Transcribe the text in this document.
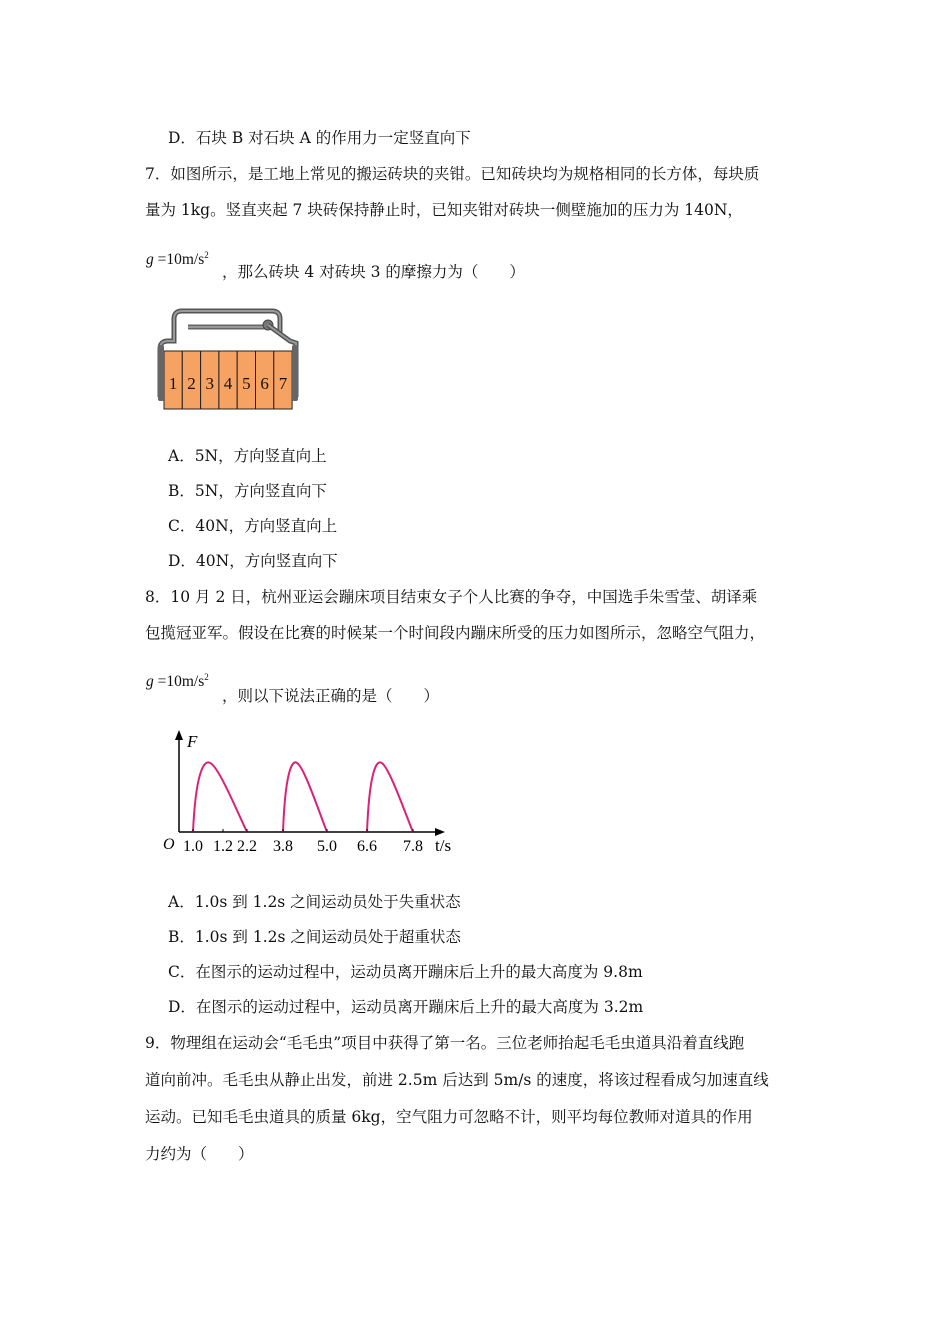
D．石块 B 对石块 A 的作用力一定竖直向下
7．如图所示，是工地上常见的搬运砖块的夹钳。已知砖块均为规格相同的长方体，每块质
量为 1kg。竖直夹起 7 块砖保持静止时，已知夹钳对砖块一侧壁施加的压力为 140N，
$g =10m/s^2$
，那么砖块 4 对砖块 3 的摩擦力为（　　）
1 2 3 4 5 6 7
A．5N，方向竖直向上
B．5N，方向竖直向下
C．40N，方向竖直向上
D．40N，方向竖直向下
8．10 月 2 日，杭州亚运会蹦床项目结束女子个人比赛的争夺，中国选手朱雪莹、胡译乘
包揽冠亚军。假设在比赛的时候某一个时间段内蹦床所受的压力如图所示，忽略空气阻力，
$g =10m/s^2$
，则以下说法正确的是（　　）
F
t/s
O 1.0 1.2 2.2 3.8 5.0 6.6 7.8
A．1.0s 到 1.2s 之间运动员处于失重状态
B．1.0s 到 1.2s 之间运动员处于超重状态
C．在图示的运动过程中，运动员离开蹦床后上升的最大高度为 9.8m
D．在图示的运动过程中，运动员离开蹦床后上升的最大高度为 3.2m
9．物理组在运动会“毛毛虫”项目中获得了第一名。三位老师抬起毛毛虫道具沿着直线跑
道向前冲。毛毛虫从静止出发，前进 2.5m 后达到 5m/s 的速度，将该过程看成匀加速直线
运动。已知毛毛虫道具的质量 6kg，空气阻力可忽略不计，则平均每位教师对道具的作用
力约为（　　）
